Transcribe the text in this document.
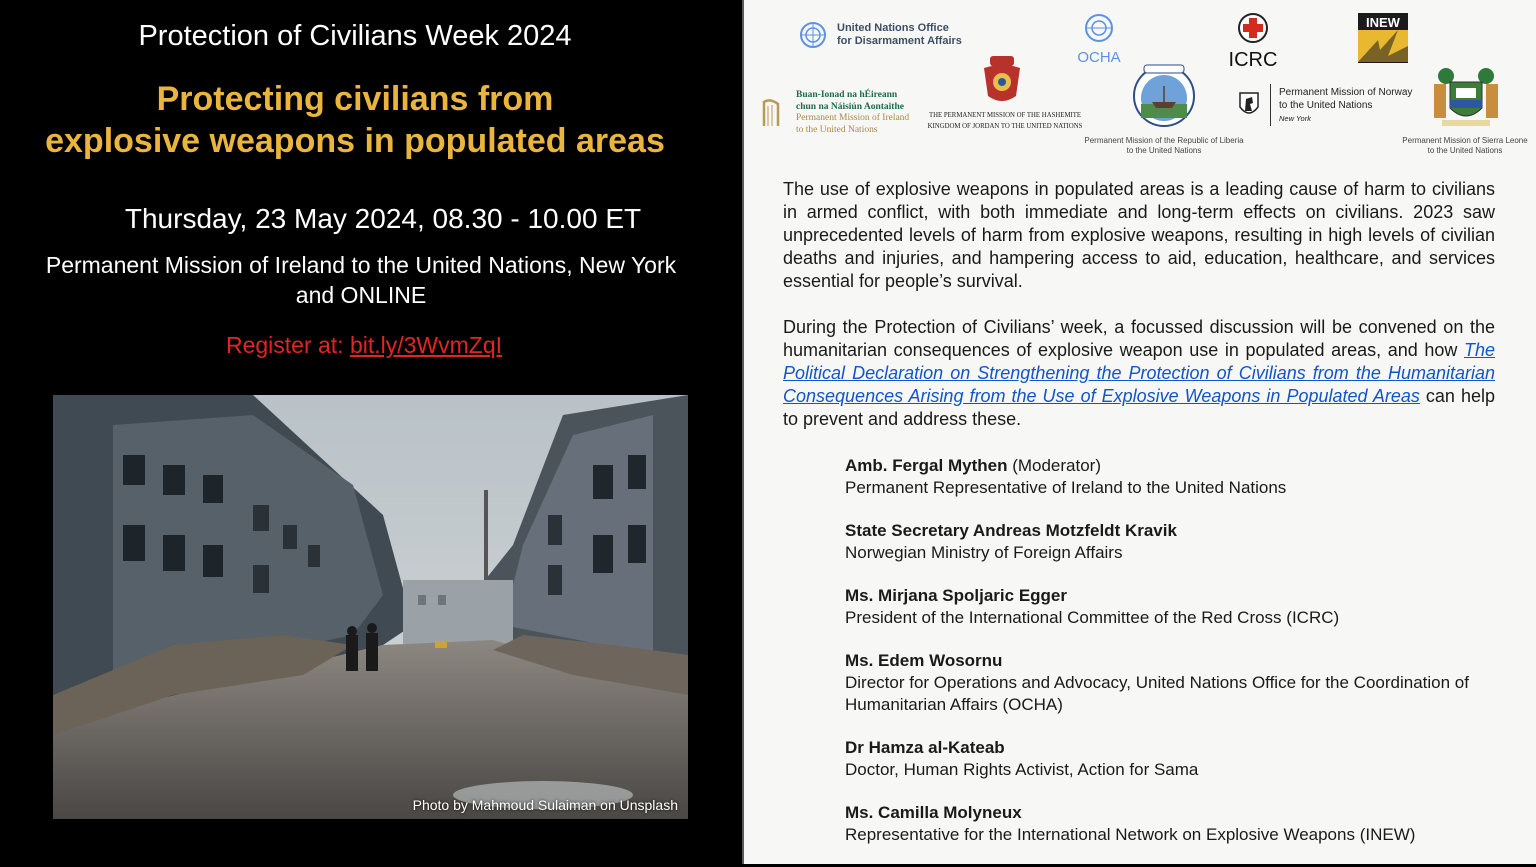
Protection of Civilians Week 2024
Protecting civilians from
explosive weapons in populated areas
Thursday, 23 May 2024, 08.30 - 10.00 ET
Permanent Mission of Ireland to the United Nations, New York
and ONLINE
Register at: bit.ly/3WvmZqI
Photo by Mahmoud Sulaiman on Unsplash
United Nations Office
for Disarmament Affairs
OCHA	ICRC
INEW
Buan-Ionad na hÉireann
chun na Náisiún Aontaithe
Permanent Mission of Ireland
to the United Nations
THE PERMANENT MISSION OF THE HASHEMITE
KINGDOM OF JORDAN TO THE UNITED NATIONS
Permanent Mission of the Republic of Liberia
to the United Nations
Permanent Mission of Norway
to the United Nations
New York
Permanent Mission of Sierra Leone
to the United Nations
The use of explosive weapons in populated areas is a leading cause of harm to civilians in armed conflict, with both immediate and long-term effects on civilians. 2023 saw unprecedented levels of harm from explosive weapons, resulting in high levels of civilian deaths and injuries, and hampering access to aid, education, healthcare, and services essential for people’s survival.
During the Protection of Civilians’ week, a focussed discussion will be convened on the humanitarian consequences of explosive weapon use in populated areas, and how The Political Declaration on Strengthening the Protection of Civilians from the Humanitarian Consequences Arising from the Use of Explosive Weapons in Populated Areas can help to prevent and address these.
Amb. Fergal Mythen (Moderator)
Permanent Representative of Ireland to the United Nations
State Secretary Andreas Motzfeldt Kravik
Norwegian Ministry of Foreign Affairs
Ms. Mirjana Spoljaric Egger
President of the International Committee of the Red Cross (ICRC)
Ms. Edem Wosornu
Director for Operations and Advocacy, United Nations Office for the Coordination of Humanitarian Affairs (OCHA)
Dr Hamza al-Kateab
Doctor, Human Rights Activist, Action for Sama
Ms. Camilla Molyneux
Representative for the International Network on Explosive Weapons (INEW)
